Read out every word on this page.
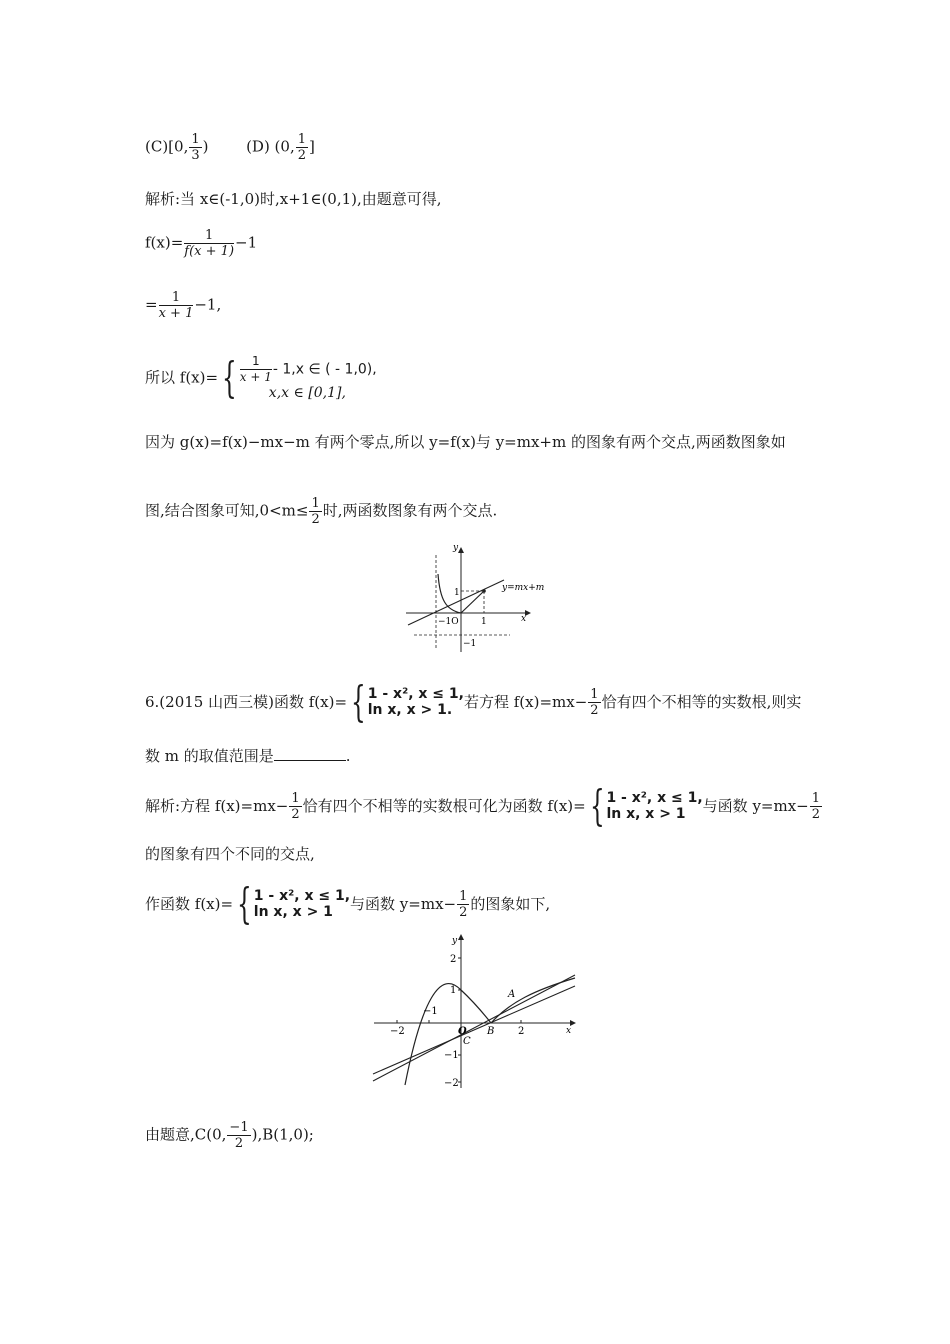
(C)[0, $\frac{1}{3}$ )	(D) (0, $\frac{1}{2}$ ]
解析:当 x∈(-1,0)时,x+1∈(0,1),由题意可得,
$f(x)= \frac{1}{f(x + 1)} -1$
= $\frac{1}{x + 1} -1$,
所以 $f(x)=\{ \frac{1}{x + 1} - 1,x$ ∈ ( - 1,0),
x,x ∈ [0,1],
因为 g(x)=f(x)−mx−m 有两个零点,所以 y=f(x)与 y=mx+m 的图象有两个交点,两函数图象如
图,结合图象可知$,0<m\le \frac{1}{2}$ 时,两函数图象有两个交点.
y
x
y=mx+m
1
1
−1O
−1
6.(2015 山西三模)函数 f(x)={ 1 - x², x ≤ 1,
ln x, x > 1. 若方程 $f(x)=mx- \frac{1}{2}$ 恰有四个不相等的实数根,则实
数 m 的取值范围是	.
解析:方程 $f(x)=mx- \frac{1}{2}$ 恰有四个不相等的实数根可化为函数 f(x)={ 1 - x², x ≤ 1,
ln x, x > 1	与函数 $y=mx- \frac{1}{2}$
的图象有四个不同的交点,
作函数 f(x)={ 1 - x², x ≤ 1,
ln x, x > 1	与函数 $y=mx- \frac{1}{2}$ 的图象如下,
y
x
2
1
−1
−2
−2
−1
O	2
A
B
C
由题意,C(0, $\frac{-1}{2} ),B(1,0)$;
